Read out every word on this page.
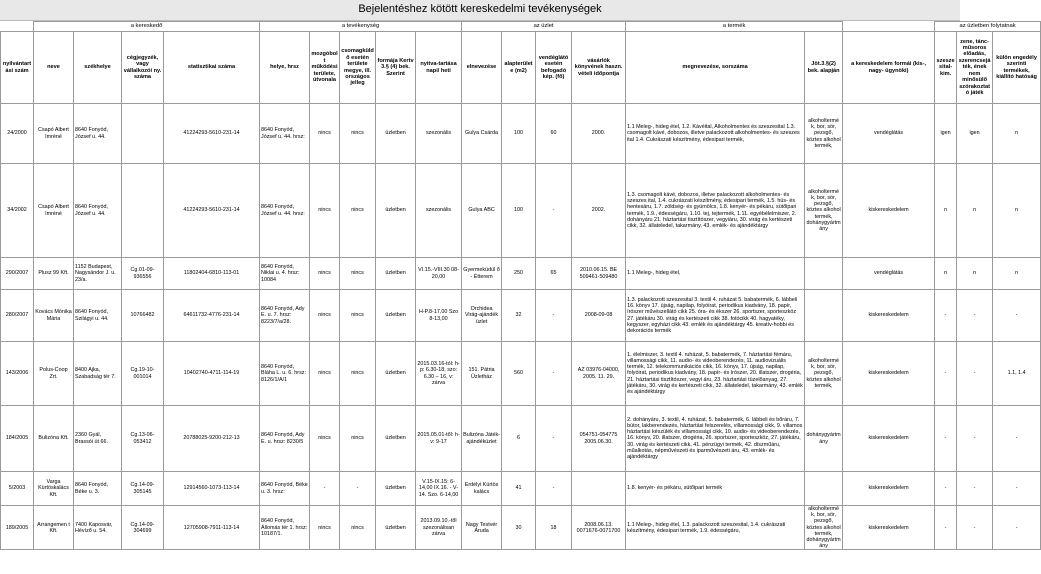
Bejelentéshez kötött kereskedelmi tevékenységek
	a kereskedő				a tevékenység					az üzlet				a termék			az üzletben folytatnak		
nyilvántart ási szám	neve	székhelye	cégjegyzék, vagy vállalkozói ny. száma	statisztikai száma	helye, hrsz	mozgóbolt működési területe, útvonala	csomagküld ő esetén területe megye, ill. országos jelleg	formája Kertv 3.§ (4) bek. Szerint	nyitva-tartása napi/ heti	elnevezése	alapterülete (m2)	vendéglátó esetén befogadó kép. (fő)	vásárlók könyvének haszn. vételi időpontja	megnevezése, sorszáma	Jöt.3.§(2) bek. alapján	a kereskedelem formái (kis-, nagy- ügynöki)	szeszesital-kim.	zene, tánc- műsoros előadás, szerencsejáték, ének nem minősülő szórakoztat ó játék	külön engedély szerinti termékek, kiállító hatóság
24/2000	Csapó Albert Imréné	8640 Fonyód, József u. 44.		41224293-5610-231-14	8640 Fonyód, József u. 44. hrsz:	nincs	nincs	üzletben	szezonális	Gulya Csárda	100	60	2000.	1.1 Meleg-, hideg étel, 1.2. Kávéital, Alkoholmentes és szeszesital 1.3. csomagolt kávé, dobozos, illetve palackozott alkoholmentes- és szeszes ital 1.4. Cukrászati készítmény, édesipari termék,	alkoholtermé k, bor, sör, pezsgő, köztes alkohol termék,	vendéglátás	igen	igen	n
34/2002	Csapó Albert Imréné	8640 Fonyód, József u. 44.		41224293-5610-231-14	8640 Fonyód, József u. 44. hrsz:	nincs	nincs	üzletben	szezonális	Gulya ABC	100	-	2002.	1.3. csomagolt kávé, dobozos, illetve palackozott alkoholmentes- és szeszes ital, 1.4. cukrászati készítmény, édesipari termék, 1.5. hús- és hentesáru, 1.7. zöldség- és gyümölcs, 1.8. kenyér- és pékáru, sütőipari termék, 1.9., édességáru, 1.10. tej, tejtermék, 1.11. egyébélelmiszer, 2. dohányáru 21. háztartási tisztítószer, vegyiáru, 30. virág és kertészeti cikk, 32. állateledel, takarmány, 43. emlék- és ajándéktárgy	alkoholtermé k, bor, sör, pezsgő, köztes alkohol termék, dohánygyártm ány	kiskereskedelem	n	n	n
290/2007	Plusz 99 Kft.	1152 Budapest, Nagysándor J. u. 23/a.	Cg.01-09-936556	11802404-6810-113-01	8640 Fonyód, Niklai u. 4. hrsz: 10084	nincs	nincs	üzletben	VI.15.-VIII.30 08-20,00	Gyermeküdül ő - Étterem	250	65	2010.06.15. BE 509461-509480	1.1 Meleg-, hideg étel,		vendéglátás	n	n	n
280/2007	Kovács Mónika Mária	8640 Fonyód, Szilágyi u. 44.	10766482	64611732-4776-231-14	8640 Fonyód, Ady E. u. 7. hrsz: 8223/7/a/28.	nincs	nincs	üzletben	H-P.8-17,00 Szo 8-13,00	Orchidea Virág-ajándék üzlet	32	-	2008-09-08	1.3. palackozott szeszesital 3. textil 4. ruházat 5. babatermék, 6. lábbeli 16. könyv 17. újság, napilap, folyóirat, periodikus kiadvány, 18. papír, írószer művészellátó cikk 25. óra- és ékszer 26. sportszer, sporteszköz 27. játékáru 30. virág és kertészeti cikk 38. fotócikk 40. hagyatéky, kegyszer, egyházi cikk 43. emlék és ajándéktárgy 45. kreatív-hobbi és dekorációs termék		kiskereskedelem	-	-	-
143/2006	Polus-Coop Zrt.	8400 Ajka, Szabadság tér 7.	Cg.19-10-001014	10402740-4711-114-19	8640 Fonyód, Bláha L. u. 6. hrsz: 8126/1/A/1	nincs	nincs	üzletben	2015.03.16-tól: h-p: 6.30-18, szo: 6.30 – 16, v: zárva	151. Pátria Üzletház	560	-	AZ 03976-04000, 2005. 11. 29.	1. élelmiszer, 3. textil 4. ruházat, 5. babatermék, 7. háztartási fémáru, villamossági cikk, 11. audio- és videoberendezés, 11. audiovizuális termék, 12. telekommunikációs cikk, 16. könyv, 17. újság, napilap, folyóirat, periodikus kiadvány, 18. papír- és írószer, 20. illatszer, drogéria, 21. háztartási tisztítószer, vegyi áru, 23. háztartási tüzelőanyag, 27. játékáru, 30. virág és kertészeti cikk, 32. állateledel, takarmány, 43. emlék és ajándéktárgy	alkoholtermé k, bor, sör, pezsgő, köztes alkohol termék,	kiskereskedelem	-	-	1.1, 1.4
184/2005	Bulizóna Kft.	2360 Gyál, Brassói út 66.	Cg.13-06-053412	20788025-9200-212-13	8640 Fonyód, Ady E. u. hrsz: 8230/5	nincs	nincs	üzletben	2015.05.01-től: h-v: 9-17	Bulizóna Játék-ajándéküzlet	6	-	054751-054775 2005.06.30.	2. dohányáru, 3. textil, 4. ruházat, 5. babatermék, 6. lábbeli és bőráru, 7. bútor, lakberendezés, háztartási felszerelés, villamossági cikk, 9. villamos háztartási készülék és villamossági cikk, 10. audio- és videoberendezés, 16. könyv, 20. illatszer, drogéria, 26. sportszer, sporteszköz, 27. játékáru, 30. virág és kertészeti cikk, 41. pénzügyi termék, 42. díszműáru, műalkotás, népművészeti és iparművészeti áru, 43. emlék- és ajándéktárgy	dohánygyártm ány	kiskereskedelem	-	-	-
5/2003	Varga Kürtöskalács Kft.	8640 Fonyód, Béke u. 3.	Cg.14-09-305145	12914560-1073-113-14	8640 Fonyód, Béke u. 3. hrsz:	-	-	üzletben	V.15-IX.15: 6-14,00 IX.16. - V-14. Szo. 6-14,00	Erdélyi Kürtös kalács	41	-		1.8. kenyér- és pékáru, sütőipari termék		kiskereskedelem	-	-	-
189/2005	Arrangemen t Kft.	7400 Kaposvár, Hévíző u. 54.	Cg.14-09-304699	12705908-7911-113-14	8640 Fonyód, Állomás tér 1. hrsz: 10187/1.	nincs	nincs	üzletben	2013.09.10.-től szezonálisan zárva	Nagy Testvér Áruda	30	18	2008.06.13. 0071676-0071700	1.1 Meleg-, hideg étel, 1.3. palackozott szeszesital, 1.4. cukrászati készítmény, édesipari termék, 1.9. édességáru,	alkoholtermé k, bor, sör, pezsgő, köztes alkohol termék, dohánygyártm ány	kiskereskedelem	-	-	-
